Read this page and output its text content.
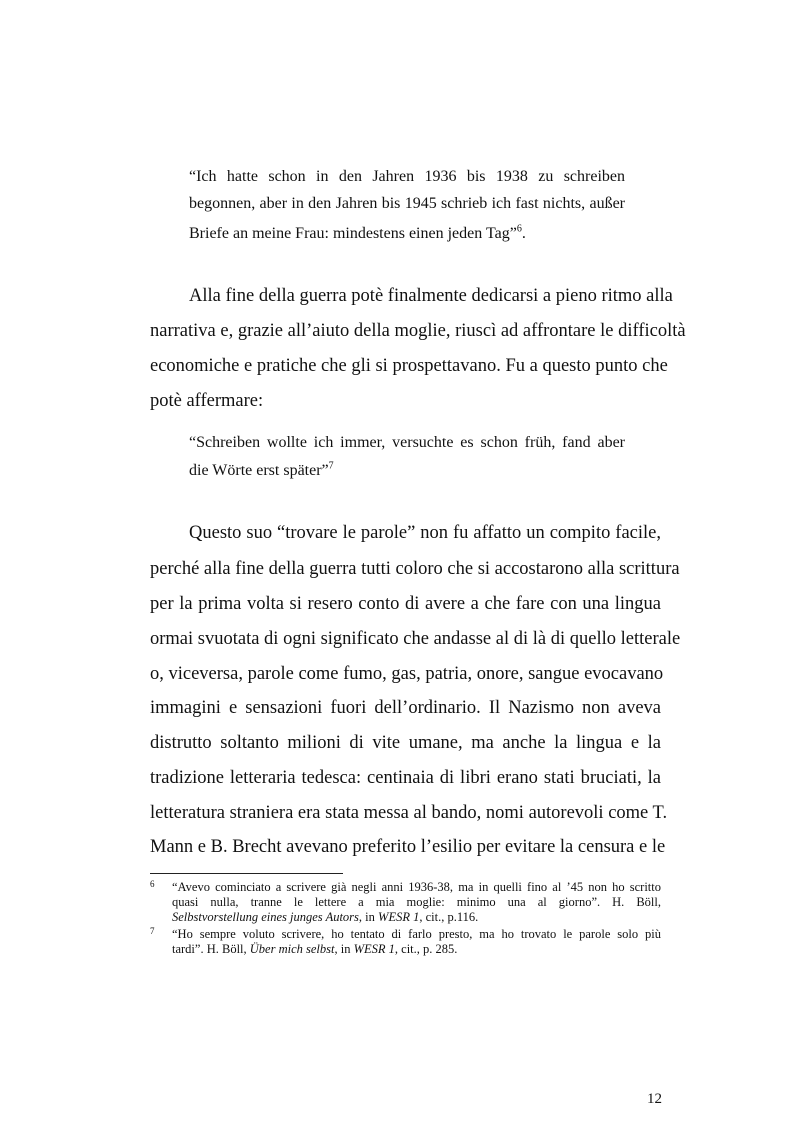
“Ich hatte schon in den Jahren 1936 bis 1938 zu schreiben
begonnen, aber in den Jahren bis 1945 schrieb ich fast nichts, außer
Briefe an meine Frau: mindestens einen jeden Tag”$^6$.
Alla fine della guerra potè finalmente dedicarsi a pieno ritmo alla
narrativa e, grazie all’aiuto della moglie, riuscì ad affrontare le difficoltà
economiche e pratiche che gli si prospettavano. Fu a questo punto che
potè affermare:
“Schreiben wollte ich immer, versuchte es schon früh, fand aber
die Wörte erst später”$^7$
Questo suo “trovare le parole” non fu affatto un compito facile,
perché alla fine della guerra tutti coloro che si accostarono alla scrittura
per la prima volta si resero conto di avere a che fare con una lingua
ormai svuotata di ogni significato che andasse al di là di quello letterale
o, viceversa, parole come fumo, gas, patria, onore, sangue evocavano
immagini e sensazioni fuori dell’ordinario. Il Nazismo non aveva
distrutto soltanto milioni di vite umane, ma anche la lingua e la
tradizione letteraria tedesca: centinaia di libri erano stati bruciati, la
letteratura straniera era stata messa al bando, nomi autorevoli come T.
Mann e B. Brecht avevano preferito l’esilio per evitare la censura e le
6 “Avevo cominciato a scrivere già negli anni 1936-38, ma in quelli fino al ’45 non ho scritto
quasi nulla, tranne le lettere a mia moglie: minimo una al giorno”. H. Böll,
Selbstvorstellung eines junges Autors, in WESR 1, cit., p.116.
7 “Ho sempre voluto scrivere, ho tentato di farlo presto, ma ho trovato le parole solo più
tardi”. H. Böll, Über mich selbst, in WESR 1, cit., p. 285.
12
